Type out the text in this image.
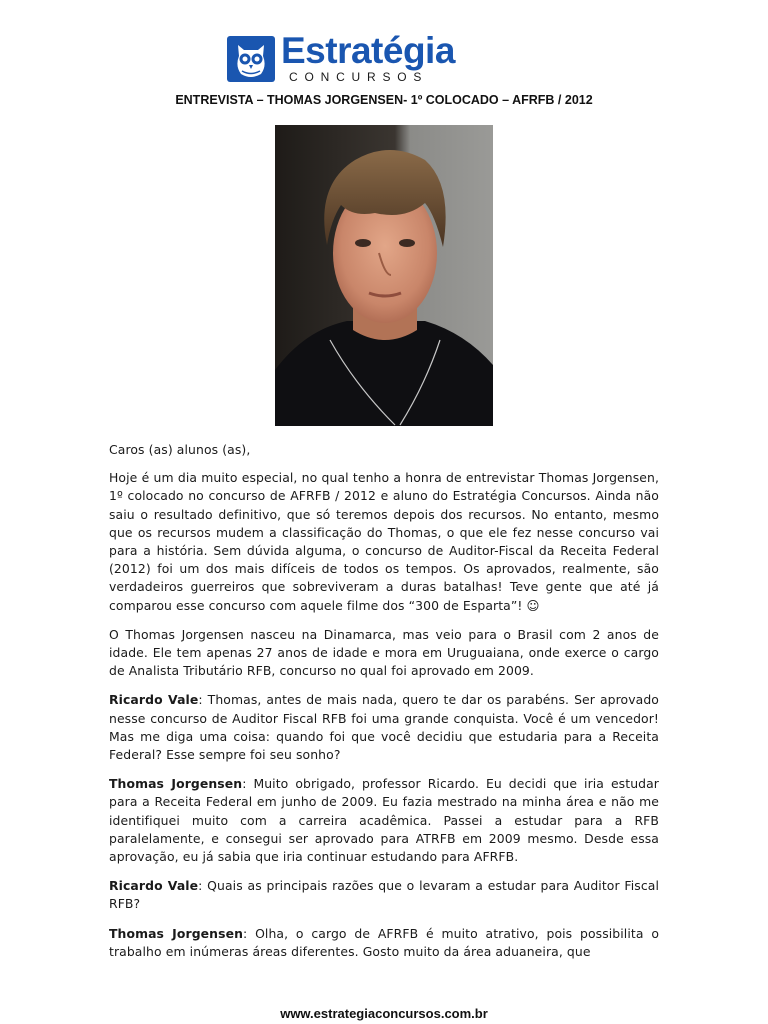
Estratégia
CONCURSOS
ENTREVISTA – THOMAS JORGENSEN- 1º COLOCADO – AFRFB / 2012

Caros (as) alunos (as),

Hoje é um dia muito especial, no qual tenho a honra de entrevistar Thomas Jorgensen, 1º colocado no concurso de AFRFB / 2012 e aluno do Estratégia Concursos. Ainda não saiu o resultado definitivo, que só teremos depois dos recursos. No entanto, mesmo que os recursos mudem a classificação do Thomas, o que ele fez nesse concurso vai para a história. Sem dúvida alguma, o concurso de Auditor-Fiscal da Receita Federal (2012) foi um dos mais difíceis de todos os tempos. Os aprovados, realmente, são verdadeiros guerreiros que sobreviveram a duras batalhas! Teve gente que até já comparou esse concurso com aquele filme dos “300 de Esparta”! ☺

O Thomas Jorgensen nasceu na Dinamarca, mas veio para o Brasil com 2 anos de idade. Ele tem apenas 27 anos de idade e mora em Uruguaiana, onde exerce o cargo de Analista Tributário RFB, concurso no qual foi aprovado em 2009.

Ricardo Vale: Thomas, antes de mais nada, quero te dar os parabéns. Ser aprovado nesse concurso de Auditor Fiscal RFB foi uma grande conquista. Você é um vencedor! Mas me diga uma coisa: quando foi que você decidiu que estudaria para a Receita Federal? Esse sempre foi seu sonho?

Thomas Jorgensen: Muito obrigado, professor Ricardo. Eu decidi que iria estudar para a Receita Federal em junho de 2009. Eu fazia mestrado na minha área e não me identifiquei muito com a carreira acadêmica. Passei a estudar para a RFB paralelamente, e consegui ser aprovado para ATRFB em 2009 mesmo. Desde essa aprovação, eu já sabia que iria continuar estudando para AFRFB.

Ricardo Vale: Quais as principais razões que o levaram a estudar para Auditor Fiscal RFB?

Thomas Jorgensen: Olha, o cargo de AFRFB é muito atrativo, pois possibilita o trabalho em inúmeras áreas diferentes. Gosto muito da área aduaneira, que

www.estrategiaconcursos.com.br
